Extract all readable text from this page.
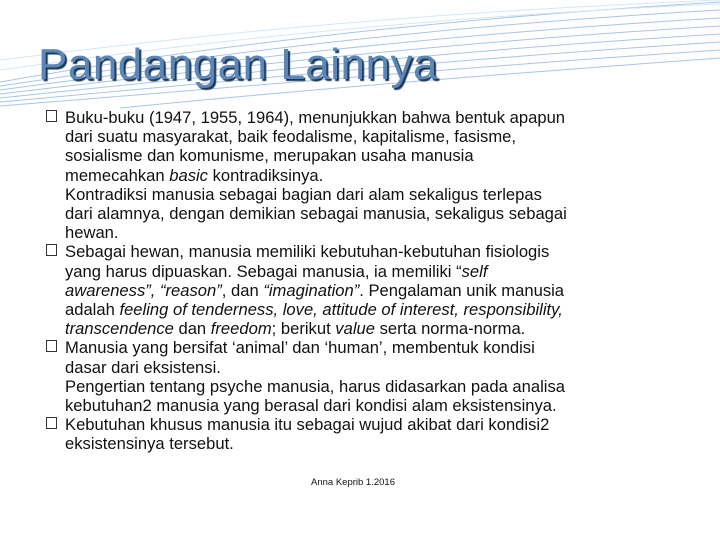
Pandangan Lainnya
Buku-buku (1947, 1955, 1964), menunjukkan bahwa bentuk apapun
dari suatu masyarakat, baik feodalisme, kapitalisme, fasisme,
sosialisme dan komunisme, merupakan usaha manusia
memecahkan basic kontradiksinya.
Kontradiksi manusia sebagai bagian dari alam sekaligus terlepas
dari alamnya, dengan demikian sebagai manusia, sekaligus sebagai
hewan.
Sebagai hewan, manusia memiliki kebutuhan-kebutuhan fisiologis
yang harus dipuaskan. Sebagai manusia, ia memiliki “self
awareness”, “reason”, dan “imagination”. Pengalaman unik manusia
adalah feeling of tenderness, love, attitude of interest, responsibility,
transcendence dan freedom; berikut value serta norma-norma.
Manusia yang bersifat ‘animal’ dan ‘human’, membentuk kondisi
dasar dari eksistensi.
Pengertian tentang psyche manusia, harus didasarkan pada analisa
kebutuhan2 manusia yang berasal dari kondisi alam eksistensinya.
Kebutuhan khusus manusia itu sebagai wujud akibat dari kondisi2
eksistensinya tersebut.
Anna Keprib 1.2016
